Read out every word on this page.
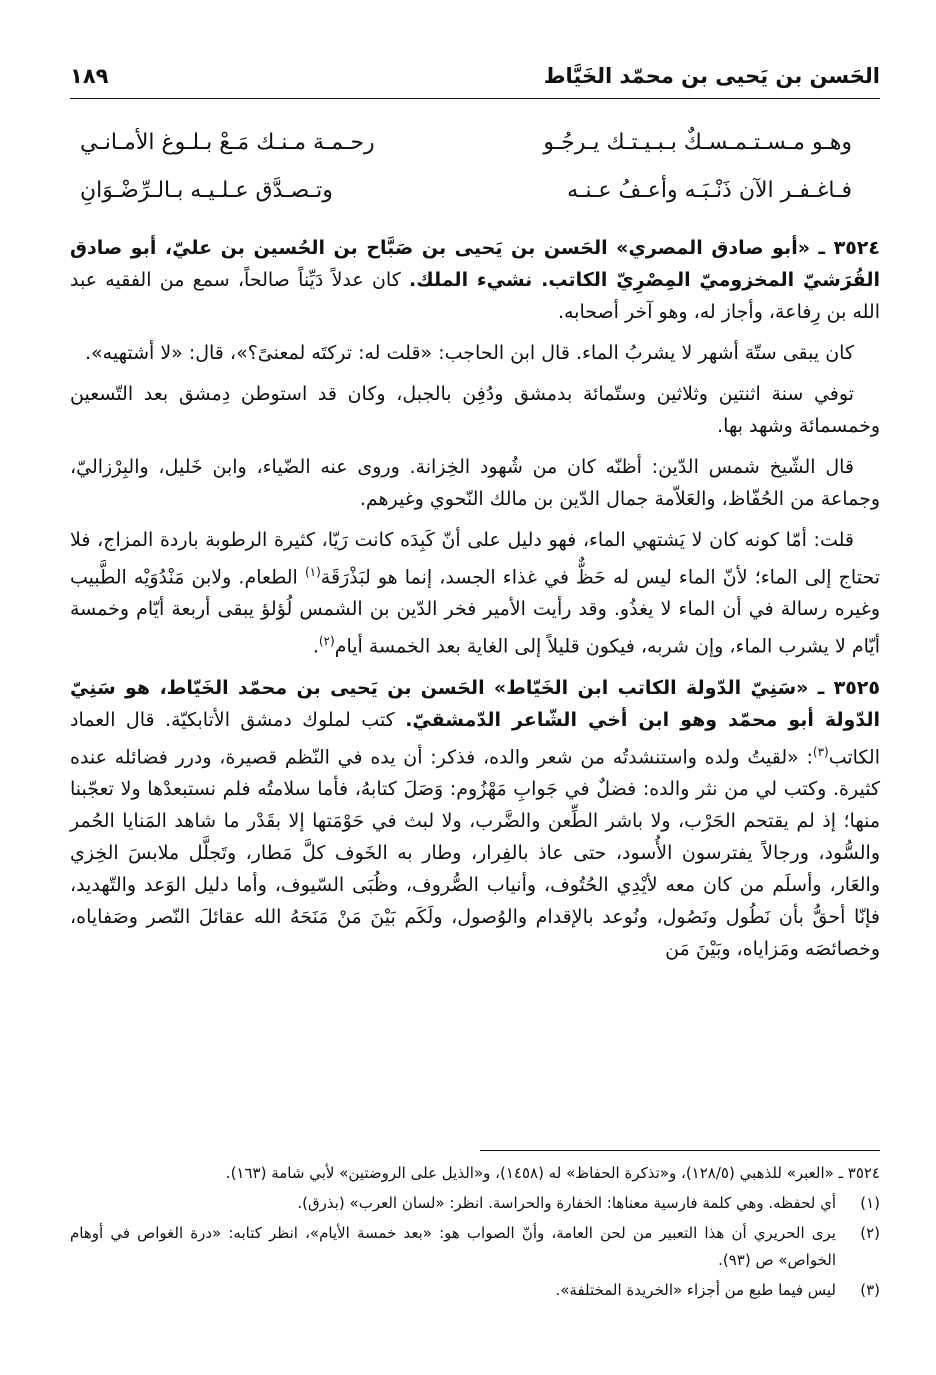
الحَسن بن يَحيى بن محمّد الخَيَّاط
١٨٩
وهـو مـسـتـمـسـكٌ بـبـيـتـك يـرجُـو
رحـمـة مـنـك مَـعْ بـلـوغ الأمـانـي
فـاغـفـر الآن ذَنْـبَـه وأعـفُ عـنـه
وتـصـدَّق عـلـيـه بـالـرِّضْـوَانِ

٣٥٢٤ ـ «أبو صادق المصري» الحَسن بن يَحيى بن صَبَّاح بن الحُسين بن عليّ، أبو صادق القُرَشيّ المخزوميّ المِصْرِيّ الكاتب. نشيء الملك. كان عدلاً دَيِّناً صالحاً، سمع من الفقيه عبد الله بن رِفاعة، وأجاز له، وهو آخر أصحابه.

كان يبقى ستّة أشهر لا يشربُ الماء. قال ابن الحاجب: «قلت له: تركتَه لمعنىً؟»، قال: «لا أشتهيه».

توفي سنة اثنتين وثلاثين وستّمائة بدمشق ودُفِن بالجبل، وكان قد استوطن دِمشق بعد التّسعين وخمسمائة وشهد بها.

قال الشّيخ شمس الدّين: أظنّه كان من شُهود الخِزانة. وروى عنه الضّياء، وابن خَليل، والبِرْزاليّ، وجماعة من الحُفّاظ، والعَلاّمة جمال الدّين بن مالك النّحوي وغيرهم.

قلت: أمّا كونه كان لا يَشتهي الماء، فهو دليل على أنّ كَبِدَه كانت رَيّا، كثيرة الرطوبة باردة المزاج، فلا تحتاج إلى الماء؛ لأنّ الماء ليس له حَظٌّ في غذاء الجسد، إنما هو لبَذْرَقَة$^{(١)}$ الطعام. ولابن مَنْدُوَيْه الطَّبيب وغيره رسالة في أن الماء لا يغذُو. وقد رأيت الأمير فخر الدّين بن الشمس لُؤلؤ يبقى أربعة أيّام وخمسة أيّام لا يشرب الماء، وإن شربه، فيكون قليلاً إلى الغاية بعد الخمسة أيام$^{(٢)}$.

٣٥٢٥ ـ «سَنِيّ الدّولة الكاتب ابن الخَيّاط» الحَسن بن يَحيى بن محمّد الخَيّاط، هو سَنِيّ الدّولة أبو محمّد وهو ابن أخي الشّاعر الدّمشقيّ. كتب لملوك دمشق الأتابكيّة. قال العماد الكاتب$^{(٣)}$: «لقيتُ ولده واستنشدتُه من شعر والده، فذكر: أن يده في النّظم قصيرة، ودرر فضائله عنده كثيرة. وكتب لي من نثر والده: فضلٌ في جَوابِ مَهْزُوم: وَصَلَ كتابهُ، فأما سلامتُه فلم نستبعدْها ولا تعجّبنا منها؛ إذ لم يقتحم الحَرْب، ولا باشر الطِّعن والضَّرب، ولا لبث في حَوْمَتها إلا بقَدْر ما شاهد المَنايا الحُمر والسُّود، ورجالاً يفترسون الأُسود، حتى عاذ بالفِرار، وطار به الخَوف كلَّ مَطار، وتَجلَّل ملابسَ الخِزي والعَار، وأسلَم من كان معه لأيْدِي الحُتُوف، وأنياب الصُّروف، وظُبَى السّيوف، وأما دليل الوَعد والتّهديد، فإنّا أحقُّ بأن نَطُول ونَصُول، ونُوعد بالإقدام والوُصول، ولَكَم بَيْنَ مَنْ مَنَحَهُ الله عقائلَ النّصر وصَفاياه، وخصائصَه ومَزاياه، وبَيْنَ مَن

٣٥٢٤ ـ «العبر» للذهبي (١٢٨/٥)، و«تذكرة الحفاظ» له (١٤٥٨)، و«الذيل على الروضتين» لأبي شامة (١٦٣).
(١)
أي لحفظه. وهي كلمة فارسية معناها: الخفارة والحراسة. انظر: «لسان العرب» (بذرق).
(٢)
يرى الحريري أن هذا التعبير من لحن العامة، وأنّ الصواب هو: «بعد خمسة الأيام»، انظر كتابه: «درة الغواص في أوهام الخواص» ص (٩٣).
(٣)
ليس فيما طبع من أجزاء «الخريدة المختلفة».
